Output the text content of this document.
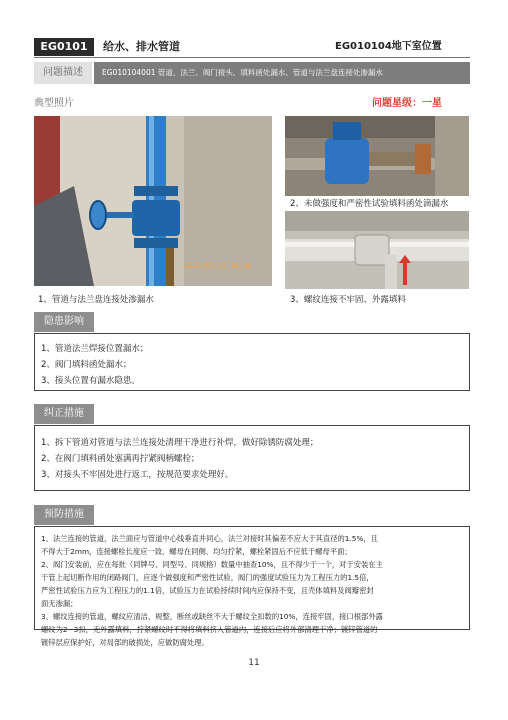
EG0101	给水、排水管道	EG010104地下室位置
问题描述	EG010104001 管道、法兰、阀门接头、填料函处漏水、管道与法兰盘连接处渗漏水
典型照片	问题星级：一星
2018/07/21 10:26
2、未做强度和严密性试验填料函处滴漏水
1、管道与法兰盘连接处渗漏水	3、螺纹连接不牢固、外露填料
隐患影响
1、管道法兰焊接位置漏水；
2、阀门填料函处漏水；
3、接头位置有漏水隐患。
纠正措施
1、拆下管道对管道与法兰连接处清理干净进行补焊，做好除锈防腐处理；
2、在阀门填料函处塞满再拧紧阀柄螺栓；
3、对接头不牢固处进行返工，按规范要求处理好。
预防措施
1、法兰连接的管道，法兰面应与管道中心线垂直并同心，法兰对接时其偏差不应大于其直径的1.5%，且
不得大于2mm，连接螺栓长度应一致、螺母在同侧、均匀拧紧，螺栓紧固后不应低于螺母平面；
2、阀门安装前，应在每批（同牌号、同型号、同规格）数量中抽查10%，且不得少于一个，对于安装在主
干管上起切断作用的闭路阀门，应逐个做强度和严密性试验，阀门的强度试验压力为工程压力的1.5倍，
严密性试验压力应为工程压力的1.1倍，试验压力在试验持续时间内应保持不变，且壳体填料及阀瓣密封
面无渗漏；
3、螺纹连接的管道，螺纹应清洁、规整，断丝或缺丝不大于螺纹全扣数的10%，连接牢固，接口根部外露
螺纹为2~3扣，无外露填料，拧紧螺纹时不得将填料挤入管道内，连接后应将外部清理干净；镀锌管道的
镀锌层应保护好，对局部的破损处，应做防腐处理。
11
